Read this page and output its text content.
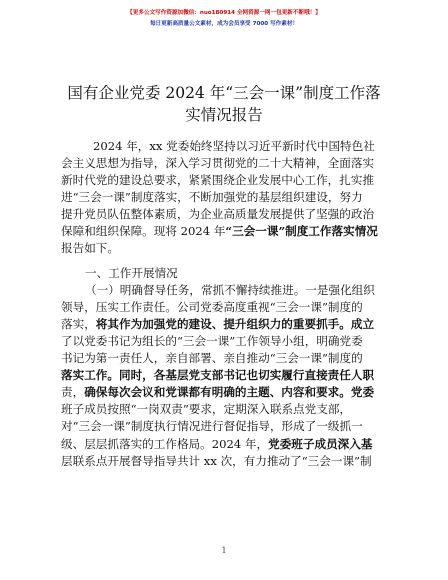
【更多公文写作资源加微信：nuo180914 全网资源一网一包更新不断哦！】
每日更新高质量公文素材，成为会员享受 7000 写作素材！
国有企业党委 2024 年“三会一课”制度工作落
实情况报告
2024 年，xx 党委始终坚持以习近平新时代中国特色社
会主义思想为指导，深入学习贯彻党的二十大精神，全面落实
新时代党的建设总要求，紧紧围绕企业发展中心工作，扎实推
进“三会一课”制度落实，不断加强党的基层组织建设，努力
提升党员队伍整体素质，为企业高质量发展提供了坚强的政治
保障和组织保障。现将 2024 年“三会一课”制度工作落实情况
报告如下。
一、工作开展情况
（一）明确督导任务，常抓不懈持续推进。一是强化组织
领导，压实工作责任。公司党委高度重视“三会一课”制度的
落实，将其作为加强党的建设、提升组织力的重要抓手。成立
了以党委书记为组长的“三会一课”工作领导小组，明确党委
书记为第一责任人，亲自部署、亲自推动“三会一课”制度的
落实工作。同时，各基层党支部书记也切实履行直接责任人职
责，确保每次会议和党课都有明确的主题、内容和要求。党委
班子成员按照“一岗双责”要求，定期深入联系点党支部，
对“三会一课”制度执行情况进行督促指导，形成了一级抓一
级、层层抓落实的工作格局。2024 年，党委班子成员深入基
层联系点开展督导指导共计 xx 次，有力推动了“三会一课”制
1
